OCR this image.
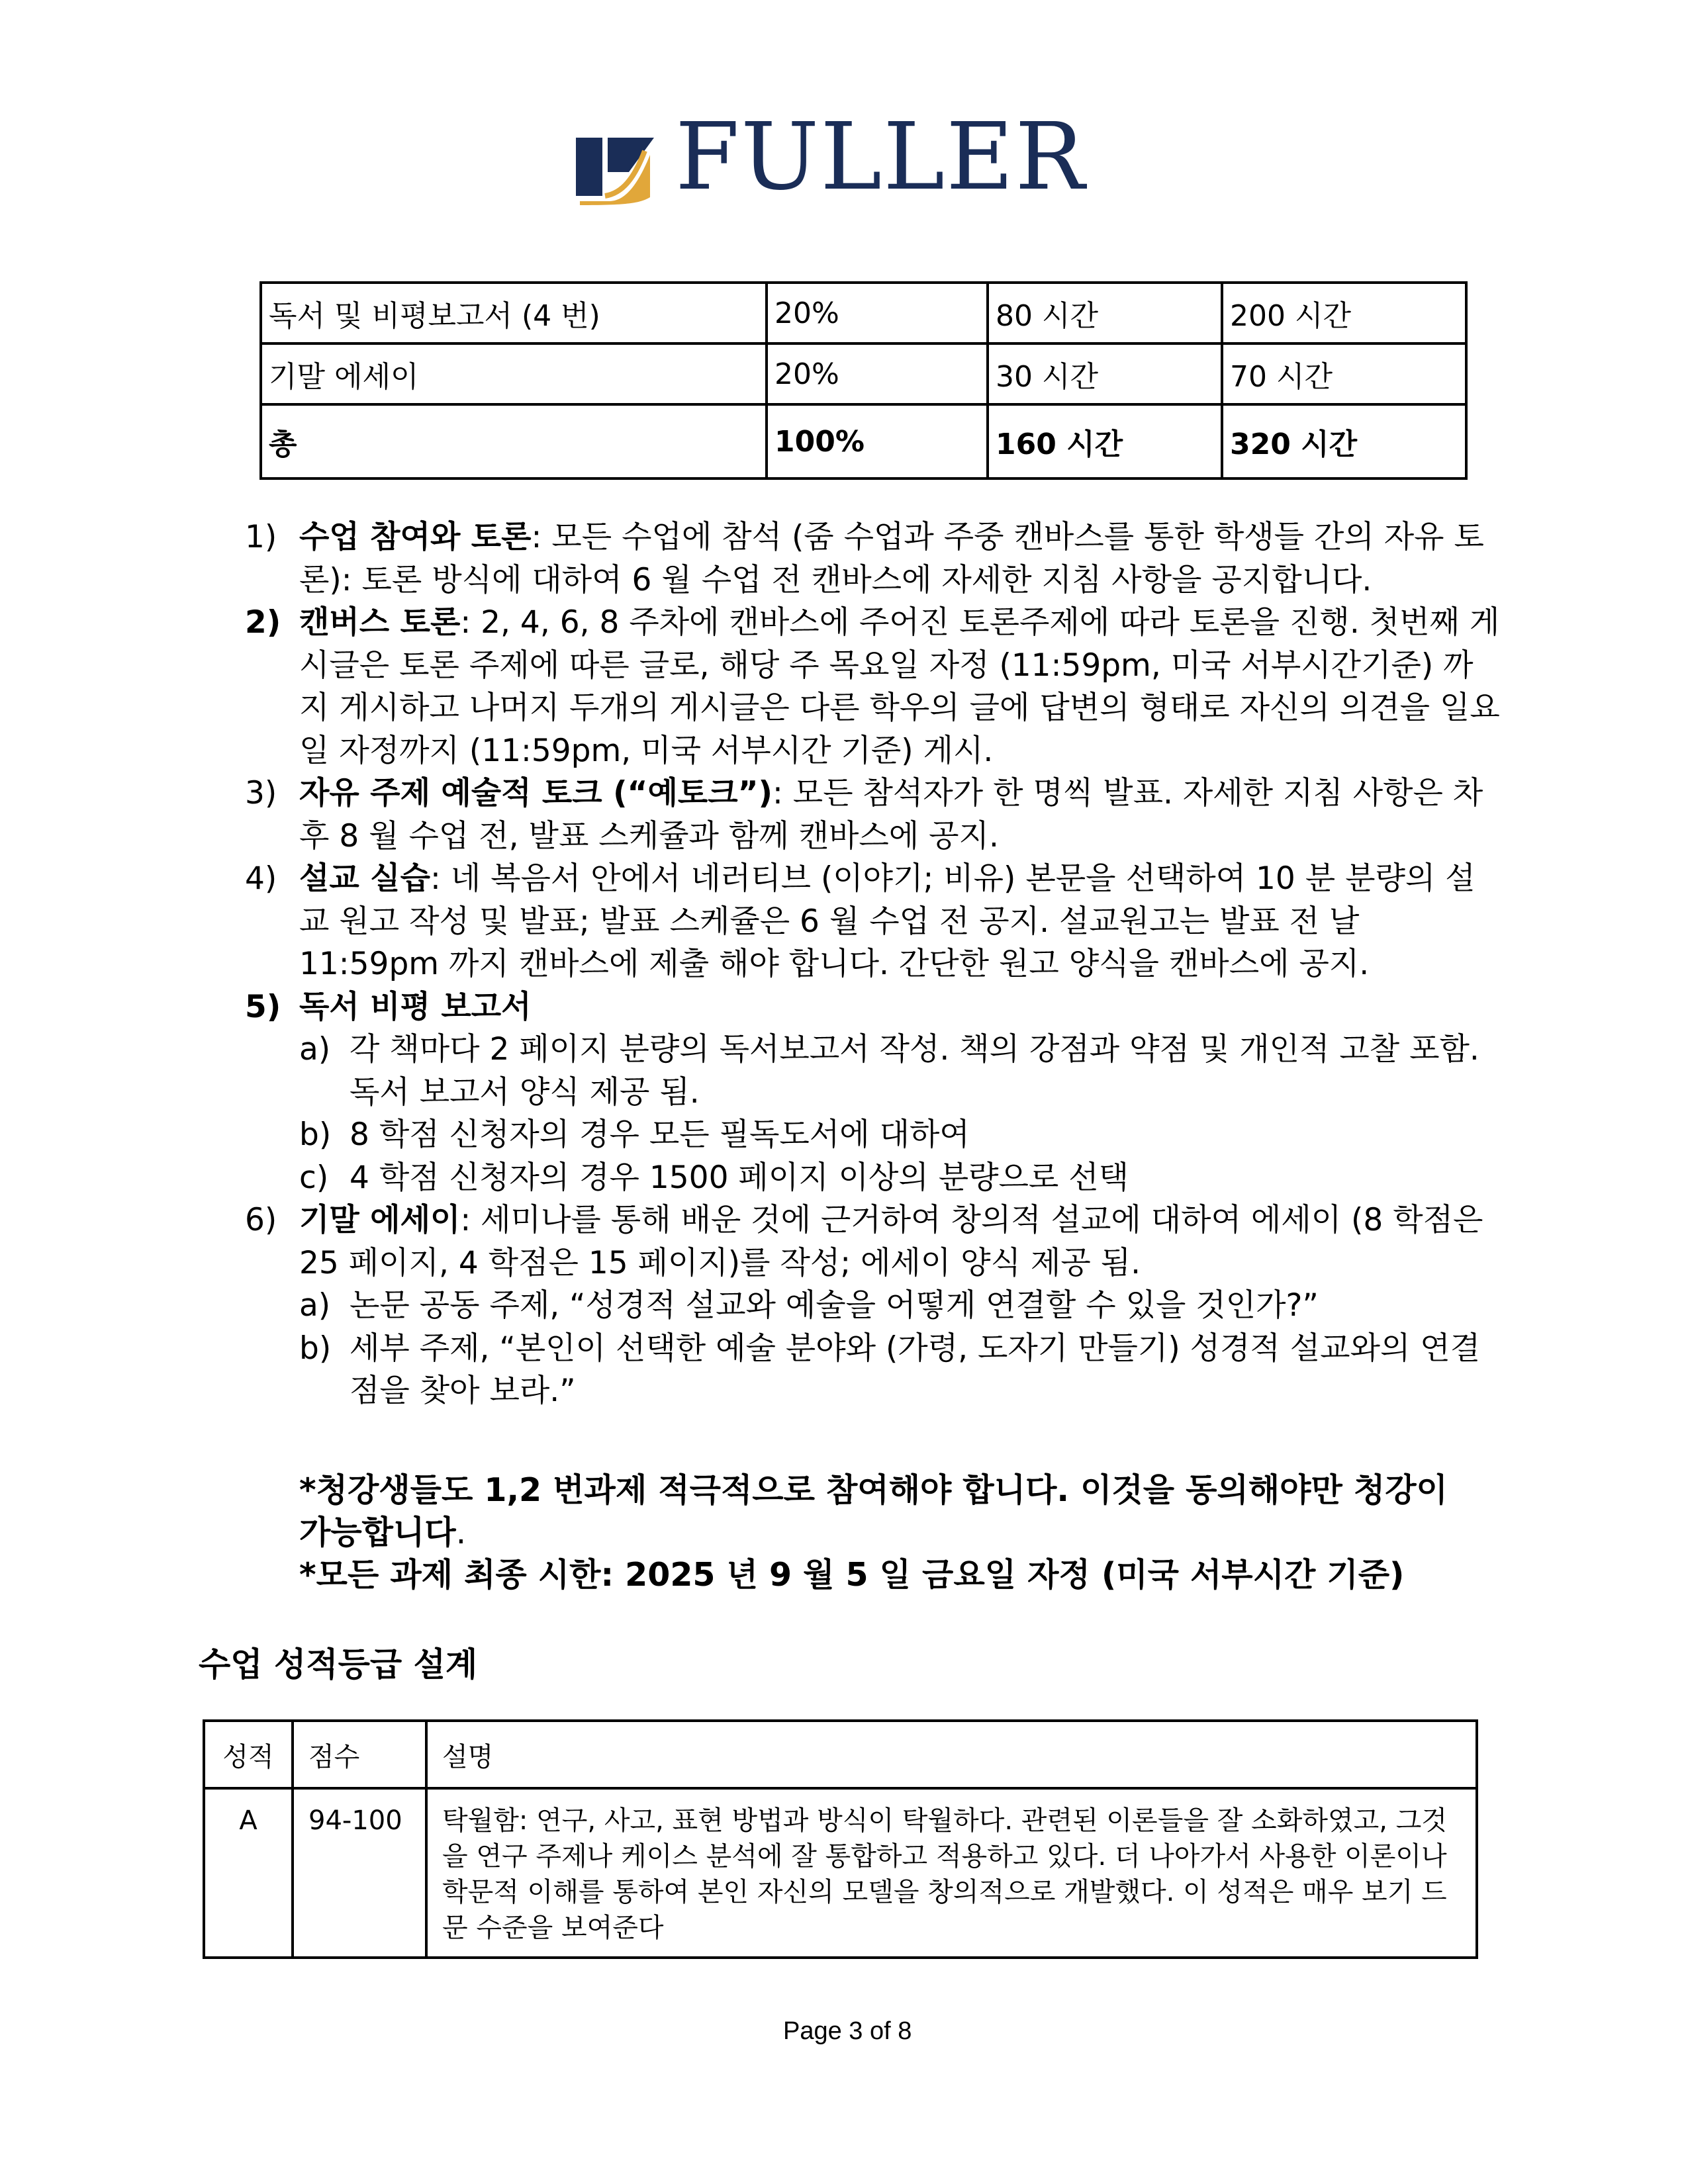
FULLER
독서 및 비평보고서 (4 번)	20%	80 시간	200 시간
기말 에세이	20%	30 시간	70 시간
총	100%	160 시간	320 시간
1) 수업 참여와 토론: 모든 수업에 참석 (줌 수업과 주중 캔바스를 통한 학생들 간의 자유 토론): 토론 방식에 대하여 6 월 수업 전 캔바스에 자세한 지침 사항을 공지합니다.
2) 캔버스 토론: 2, 4, 6, 8 주차에 캔바스에 주어진 토론주제에 따라 토론을 진행. 첫번째 게시글은 토론 주제에 따른 글로, 해당 주 목요일 자정 (11:59pm, 미국 서부시간기준) 까지 게시하고 나머지 두개의 게시글은 다른 학우의 글에 답변의 형태로 자신의 의견을 일요일 자정까지 (11:59pm, 미국 서부시간 기준) 게시.
3) 자유 주제 예술적 토크 (“예토크”): 모든 참석자가 한 명씩 발표. 자세한 지침 사항은 차후 8 월 수업 전, 발표 스케쥴과 함께 캔바스에 공지.
4) 설교 실습: 네 복음서 안에서 네러티브 (이야기; 비유) 본문을 선택하여 10 분 분량의 설교 원고 작성 및 발표; 발표 스케쥴은 6 월 수업 전 공지. 설교원고는 발표 전 날 11:59pm 까지 캔바스에 제출 해야 합니다. 간단한 원고 양식을 캔바스에 공지.
5) 독서 비평 보고서
a) 각 책마다 2 페이지 분량의 독서보고서 작성. 책의 강점과 약점 및 개인적 고찰 포함. 독서 보고서 양식 제공 됨.
b) 8 학점 신청자의 경우 모든 필독도서에 대하여
c) 4 학점 신청자의 경우 1500 페이지 이상의 분량으로 선택
6) 기말 에세이: 세미나를 통해 배운 것에 근거하여 창의적 설교에 대하여 에세이 (8 학점은 25 페이지, 4 학점은 15 페이지)를 작성; 에세이 양식 제공 됨.
a) 논문 공동 주제, “성경적 설교와 예술을 어떻게 연결할 수 있을 것인가?”
b) 세부 주제, “본인이 선택한 예술 분야와 (가령, 도자기 만들기) 성경적 설교와의 연결점을 찾아 보라.”
*청강생들도 1,2 번과제 적극적으로 참여해야 합니다. 이것을 동의해야만 청강이 가능합니다.
*모든 과제 최종 시한: 2025 년 9 월 5 일 금요일 자정 (미국 서부시간 기준)
수업 성적등급 설계
성적	점수	설명
A	94-100	탁월함: 연구, 사고, 표현 방법과 방식이 탁월하다. 관련된 이론들을 잘 소화하였고, 그것을 연구 주제나 케이스 분석에 잘 통합하고 적용하고 있다. 더 나아가서 사용한 이론이나 학문적 이해를 통하여 본인 자신의 모델을 창의적으로 개발했다. 이 성적은 매우 보기 드문 수준을 보여준다
Page 3 of 8
